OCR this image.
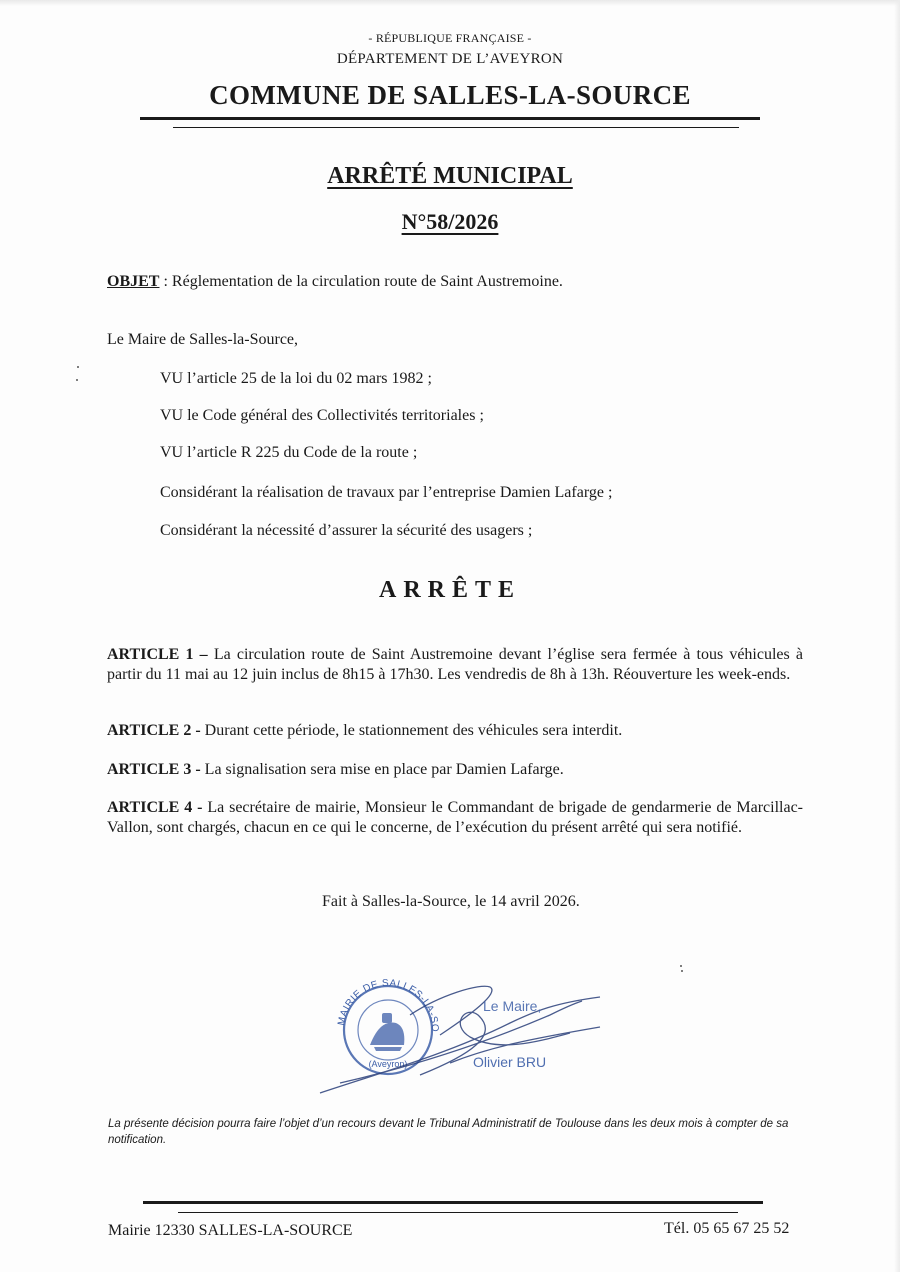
- RÉPUBLIQUE FRANÇAISE -
DÉPARTEMENT DE L’AVEYRON
COMMUNE DE SALLES-LA-SOURCE
ARRÊTÉ MUNICIPAL
N°58/2026
OBJET : Réglementation de la circulation route de Saint Austremoine.
Le Maire de Salles-la-Source,
VU l’article 25 de la loi du 02 mars 1982 ;
VU le Code général des Collectivités territoriales ;
VU l’article R 225 du Code de la route ;
Considérant la réalisation de travaux par l’entreprise Damien Lafarge ;
Considérant la nécessité d’assurer la sécurité des usagers ;
ARRÊTE
ARTICLE 1 – La circulation route de Saint Austremoine devant l’église sera fermée à tous véhicules à partir du 11 mai au 12 juin inclus de 8h15 à 17h30. Les vendredis de 8h à 13h. Réouverture les week-ends.
ARTICLE 2 - Durant cette période, le stationnement des véhicules sera interdit.
ARTICLE 3 - La signalisation sera mise en place par Damien Lafarge.
ARTICLE 4 - La secrétaire de mairie, Monsieur le Commandant de brigade de gendarmerie de Marcillac-Vallon, sont chargés, chacun en ce qui le concerne, de l’exécution du présent arrêté qui sera notifié.
Fait à Salles-la-Source, le 14 avril 2026.
MAIRIE DE SALLES-LA-SO
(Aveyron)
Le Maire,
Olivier BRU
La présente décision pourra faire l’objet d’un recours devant le Tribunal Administratif de Toulouse dans les deux mois à compter de sa notification.
Mairie 12330 SALLES-LA-SOURCE	Tél. 05 65 67 25 52
